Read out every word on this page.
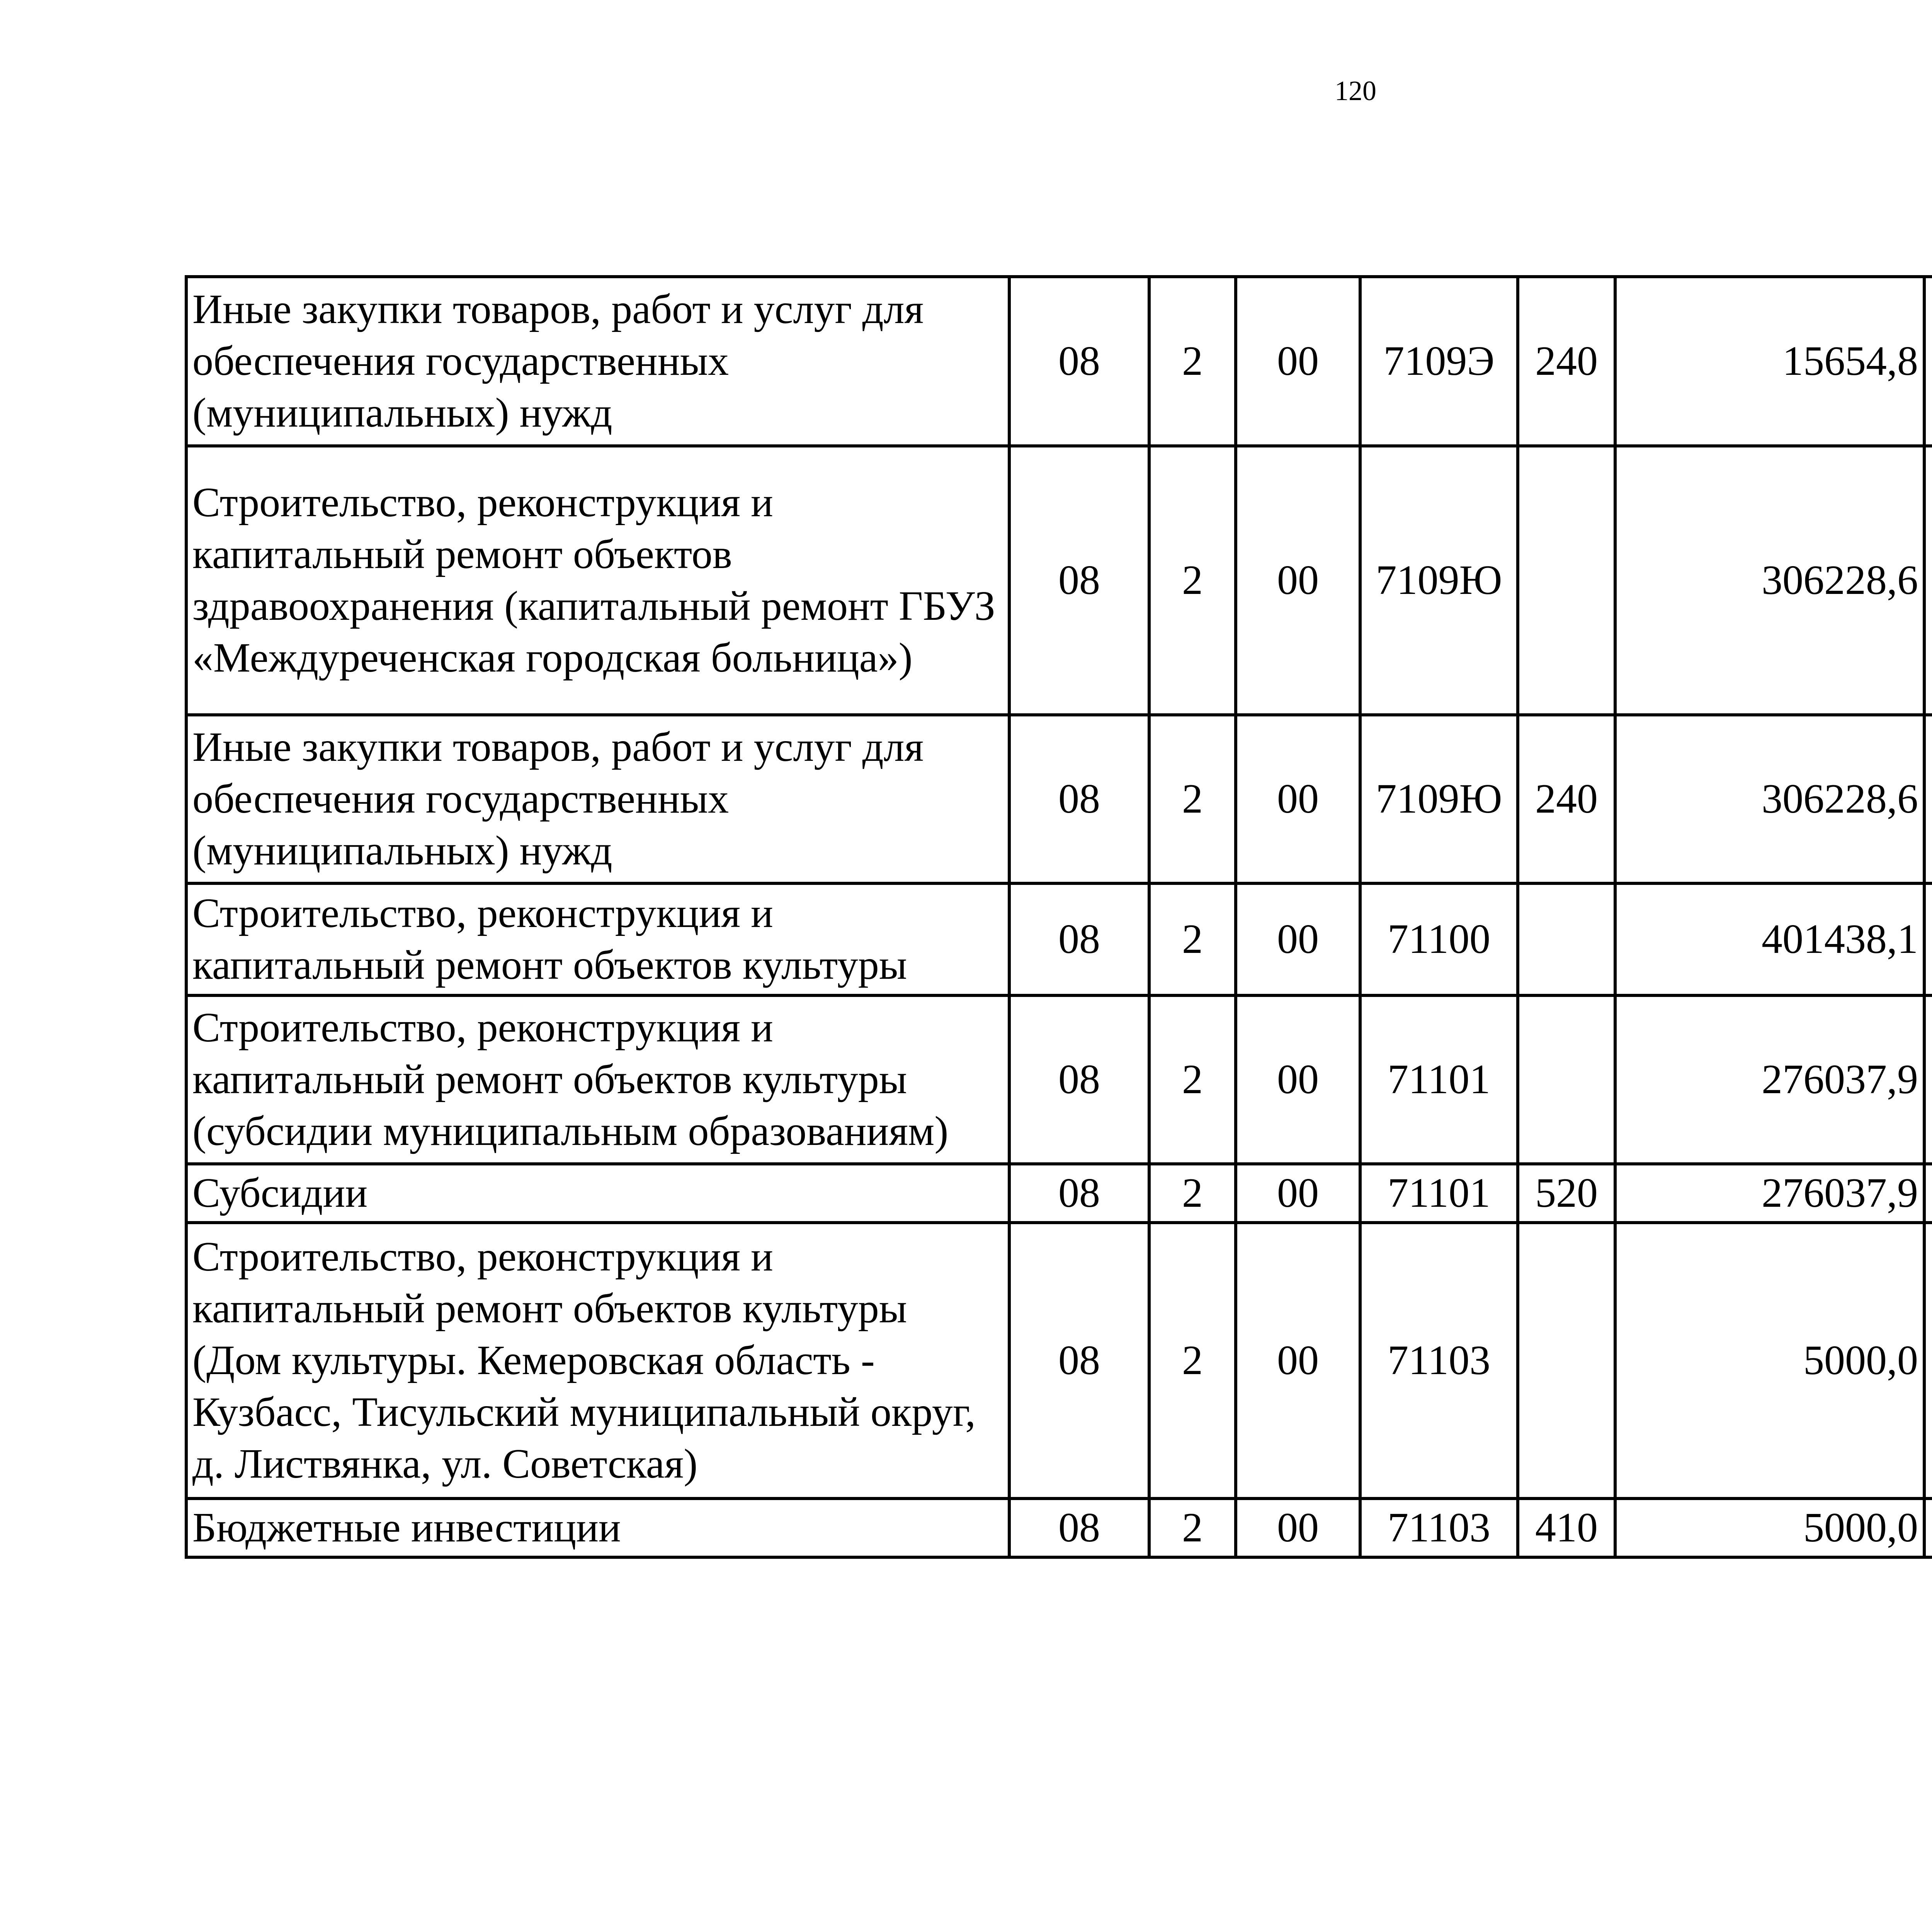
120
Иные закупки товаров, работ и услуг для обеспечения государственных (муниципальных) нужд	08	2	00	7109Э	240	15654,8		
Строительство, реконструкция и капитальный ремонт объектов здравоохранения (капитальный ремонт ГБУЗ «Междуреченская городская больница»)	08	2	00	7109Ю		306228,6		
Иные закупки товаров, работ и услуг для обеспечения государственных (муниципальных) нужд	08	2	00	7109Ю	240	306228,6		
Строительство, реконструкция и капитальный ремонт объектов культуры	08	2	00	71100		401438,1		
Строительство, реконструкция и капитальный ремонт объектов культуры (субсидии муниципальным образованиям)	08	2	00	71101		276037,9		
Субсидии	08	2	00	71101	520	276037,9		
Строительство, реконструкция и капитальный ремонт объектов культуры (Дом культуры. Кемеровская область - Кузбасс, Тисульский муниципальный округ, д. Листвянка, ул. Советская)	08	2	00	71103		5000,0		
Бюджетные инвестиции	08	2	00	71103	410	5000,0		
